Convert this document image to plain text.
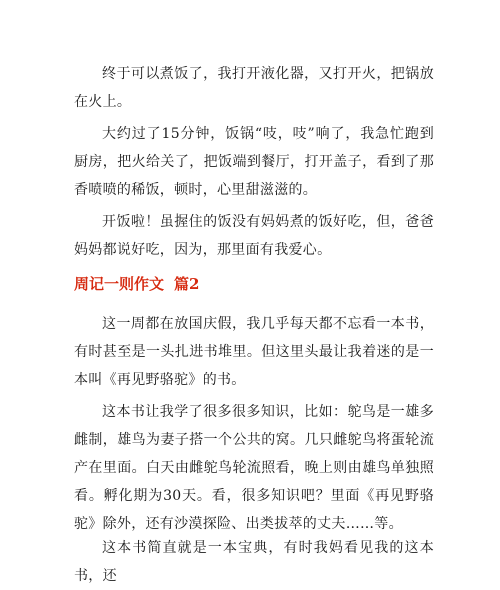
终于可以煮饭了，我打开液化器，又打开火，把锅放在火上。

大约过了15分钟，饭锅“吱，吱”响了，我急忙跑到厨房，把火给关了，把饭端到餐厅，打开盖子，看到了那香喷喷的稀饭，顿时，心里甜滋滋的。

开饭啦！虽握住的饭没有妈妈煮的饭好吃，但，爸爸妈妈都说好吃，因为，那里面有我爱心。

周记一则作文 篇2

这一周都在放国庆假，我几乎每天都不忘看一本书，有时甚至是一头扎进书堆里。但这里头最让我着迷的是一本叫《再见野骆驼》的书。

这本书让我学了很多很多知识，比如：鸵鸟是一雄多雌制，雄鸟为妻子搭一个公共的窝。几只雌鸵鸟将蛋轮流产在里面。白天由雌鸵鸟轮流照看，晚上则由雄鸟单独照看。孵化期为30天。看，很多知识吧？里面《再见野骆驼》除外，还有沙漠探险、出类拔萃的丈夫……等。

这本书简直就是一本宝典，有时我妈看见我的这本书，还
